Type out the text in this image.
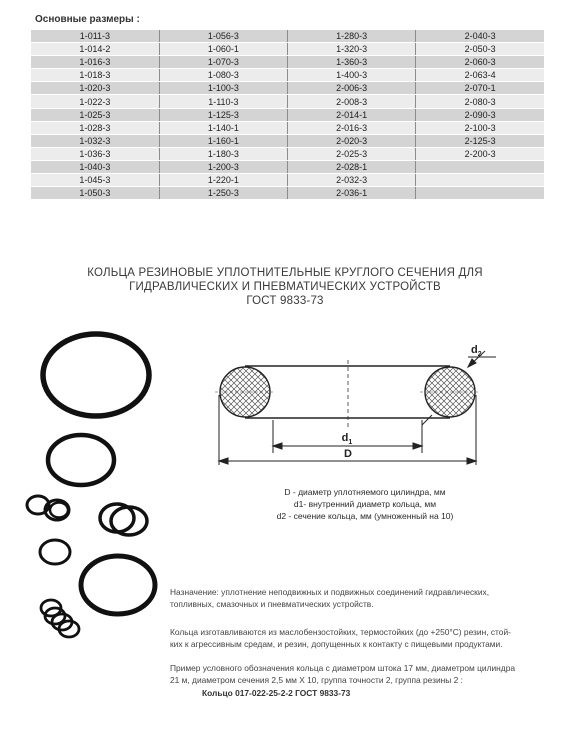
Основные размеры :
1-011-3	1-056-3	1-280-3	2-040-3
1-014-2	1-060-1	1-320-3	2-050-3
1-016-3	1-070-3	1-360-3	2-060-3
1-018-3	1-080-3	1-400-3	2-063-4
1-020-3	1-100-3	2-006-3	2-070-1
1-022-3	1-110-3	2-008-3	2-080-3
1-025-3	1-125-3	2-014-1	2-090-3
1-028-3	1-140-1	2-016-3	2-100-3
1-032-3	1-160-1	2-020-3	2-125-3
1-036-3	1-180-3	2-025-3	2-200-3
1-040-3	1-200-3	2-028-1	
1-045-3	1-220-1	2-032-3	
1-050-3	1-250-3	2-036-1	
КОЛЬЦА РЕЗИНОВЫЕ УПЛОТНИТЕЛЬНЫЕ КРУГЛОГО СЕЧЕНИЯ ДЛЯ
ГИДРАВЛИЧЕСКИХ И ПНЕВМАТИЧЕСКИХ УСТРОЙСТВ
ГОСТ 9833-73
$d_1$
D
$d_2$
D - диаметр уплотняемого цилиндра, мм
d1- внутренний диаметр кольца, мм
d2 - сечение кольца, мм (умноженный на 10)
Назначение: уплотнение неподвижных и подвижных соединений гидравлических,
топливных, смазочных и пневматических устройств.
Кольца изготавливаются из маслобензостойких, термостойких (до +250°С) резин, стой-
ких к агрессивным средам, и резин, допущенных к контакту с пищевыми продуктами.
Пример условного обозначения кольца с диаметром штока 17 мм, диаметром цилиндра
21 м, диаметром сечения 2,5 мм Х 10, группа точности 2, группа резины 2 :
Кольцо 017-022-25-2-2 ГОСТ 9833-73
